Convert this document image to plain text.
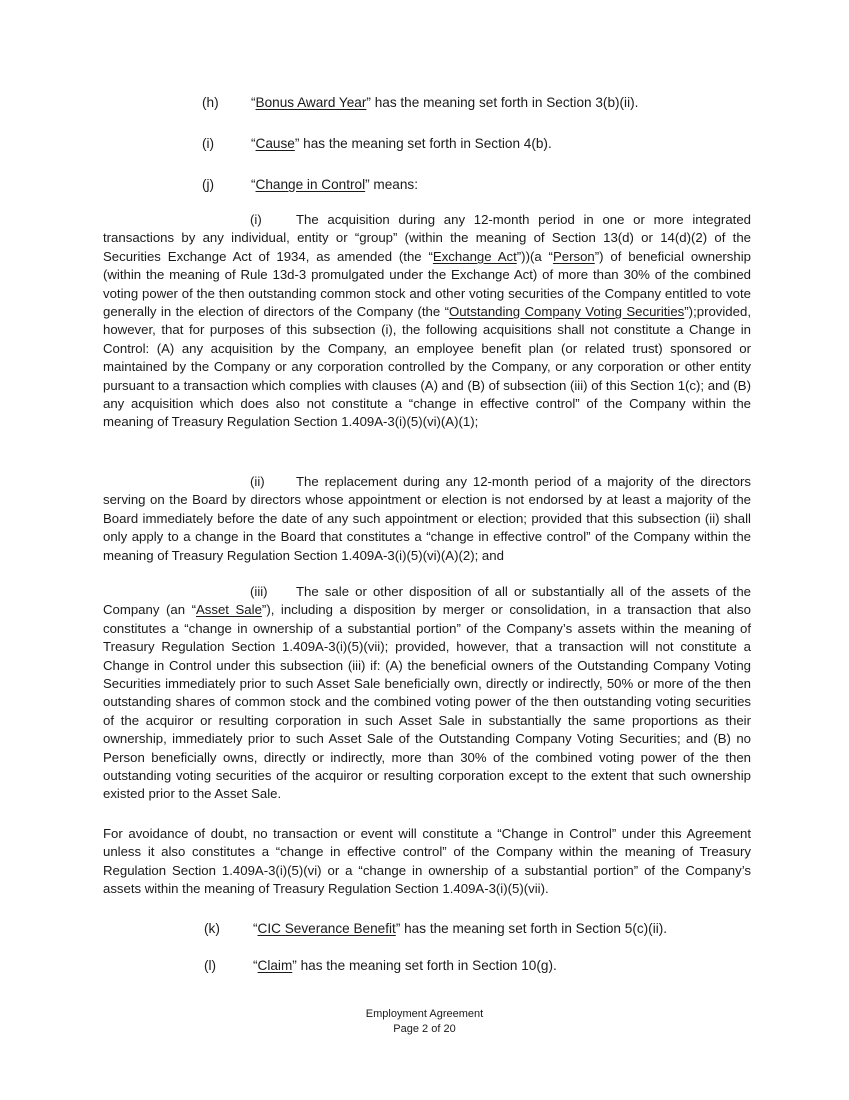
(h) “Bonus Award Year” has the meaning set forth in Section 3(b)(ii).
(i)	“Cause” has the meaning set forth in Section 4(b).
(j)	“Change in Control” means:

(i)	The acquisition during any 12-month period in one or more integrated transactions by any individual, entity or “group” (within the meaning of Section 13(d) or 14(d)(2) of the Securities Exchange Act of 1934, as amended (the “Exchange Act”))(a “Person”) of beneficial ownership (within the meaning of Rule 13d-3 promulgated under the Exchange Act) of more than 30% of the combined voting power of the then outstanding common stock and other voting securities of the Company entitled to vote generally in the election of directors of the Company (the “Outstanding Company Voting Securities”);provided, however, that for purposes of this subsection (i), the following acquisitions shall not constitute a Change in Control: (A) any acquisition by the Company, an employee benefit plan (or related trust) sponsored or maintained by the Company or any corporation controlled by the Company, or any corporation or other entity pursuant to a transaction which complies with clauses (A) and (B) of subsection (iii) of this Section 1(c); and (B) any acquisition which does also not constitute a “change in effective control” of the Company within the meaning of Treasury Regulation Section 1.409A-3(i)(5)(vi)(A)(1);

(ii) The replacement during any 12-month period of a majority of the directors serving on the Board by directors whose appointment or election is not endorsed by at least a majority of the Board immediately before the date of any such appointment or election; provided that this subsection (ii) shall only apply to a change in the Board that constitutes a “change in effective control” of the Company within the meaning of Treasury Regulation Section 1.409A-3(i)(5)(vi)(A)(2); and

(iii) The sale or other disposition of all or substantially all of the assets of the Company (an “Asset Sale”), including a disposition by merger or consolidation, in a transaction that also constitutes a “change in ownership of a substantial portion” of the Company’s assets within the meaning of Treasury Regulation Section 1.409A-3(i)(5)(vii); provided, however, that a transaction will not constitute a Change in Control under this subsection (iii) if: (A) the beneficial owners of the Outstanding Company Voting Securities immediately prior to such Asset Sale beneficially own, directly or indirectly, 50% or more of the then outstanding shares of common stock and the combined voting power of the then outstanding voting securities of the acquiror or resulting corporation in such Asset Sale in substantially the same proportions as their ownership, immediately prior to such Asset Sale of the Outstanding Company Voting Securities; and (B) no Person beneficially owns, directly or indirectly, more than 30% of the combined voting power of the then outstanding voting securities of the acquiror or resulting corporation except to the extent that such ownership existed prior to the Asset Sale.

For avoidance of doubt, no transaction or event will constitute a “Change in Control” under this Agreement unless it also constitutes a “change in effective control” of the Company within the meaning of Treasury Regulation Section 1.409A-3(i)(5)(vi) or a “change in ownership of a substantial portion” of the Company’s assets within the meaning of Treasury Regulation Section 1.409A-3(i)(5)(vii).

(k) “CIC Severance Benefit” has the meaning set forth in Section 5(c)(ii).
(l)	“Claim” has the meaning set forth in Section 10(g).
Employment Agreement
Page 2 of 20
